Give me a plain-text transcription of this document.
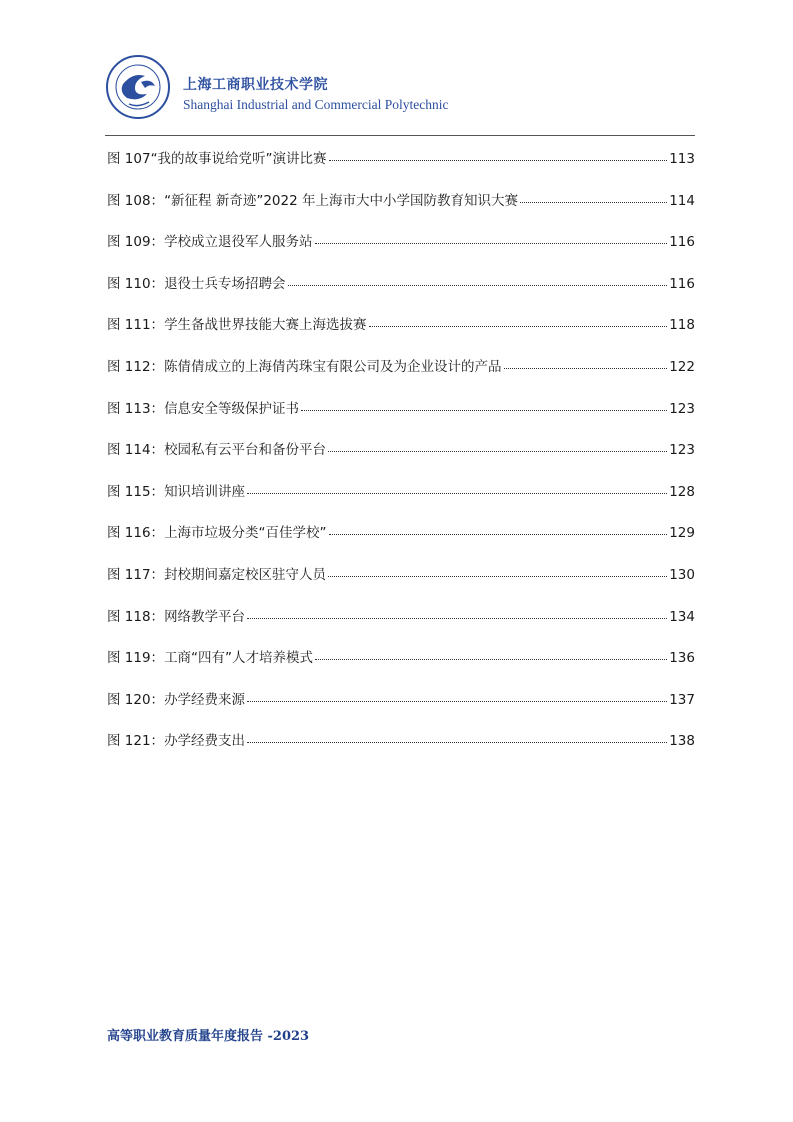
上海工商职业技术学院
Shanghai Industrial and Commercial Polytechnic
图 107 “我的故事说给党听”演讲比赛	113
图 108： “新征程 新奇迹”2022 年上海市大中小学国防教育知识大赛	114
图 109： 学校成立退役军人服务站	116
图 110： 退役士兵专场招聘会	116
图 111： 学生备战世界技能大赛上海选拔赛	118
图 112： 陈倩倩成立的上海倩芮珠宝有限公司及为企业设计的产品	122
图 113： 信息安全等级保护证书	123
图 114： 校园私有云平台和备份平台	123
图 115： 知识培训讲座	128
图 116： 上海市垃圾分类“百佳学校”	129
图 117： 封校期间嘉定校区驻守人员	130
图 118： 网络教学平台	134
图 119： 工商“四有”人才培养模式	136
图 120： 办学经费来源	137
图 121： 办学经费支出	138
高等职业教育质量年度报告 -2023
